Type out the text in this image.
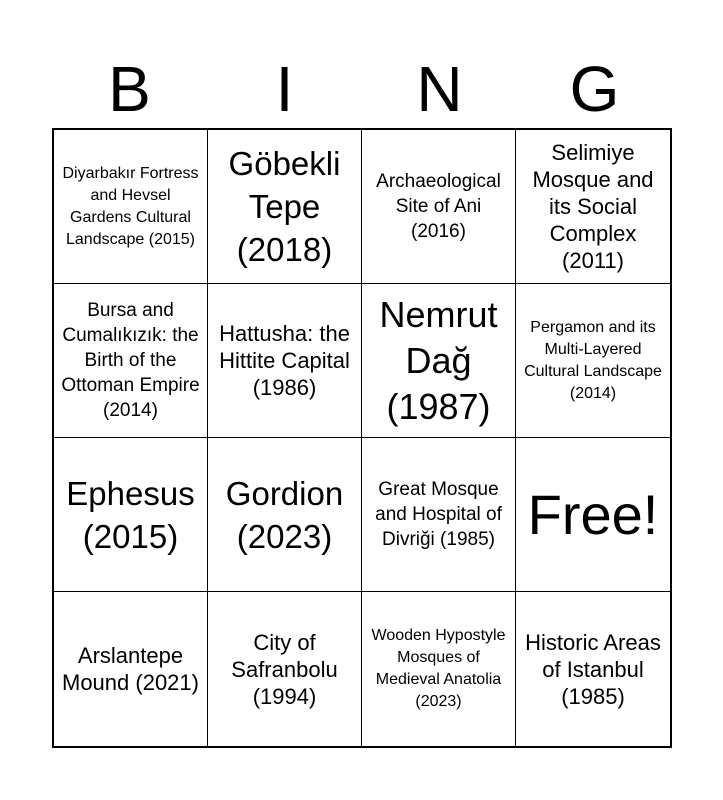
B	I	N	G
Diyarbakır Fortress and Hevsel Gardens Cultural Landscape (2015)
Göbekli Tepe (2018)
Archaeological Site of Ani (2016)
Selimiye Mosque and its Social Complex (2011)
Bursa and Cumalıkızık: the Birth of the Ottoman Empire (2014)
Hattusha: the Hittite Capital (1986)
Nemrut Dağ (1987)
Pergamon and its Multi-Layered Cultural Landscape (2014)
Ephesus (2015)
Gordion (2023)
Great Mosque and Hospital of Divriği (1985) Free!
Arslantepe Mound (2021)
City of Safranbolu (1994)
Wooden Hypostyle Mosques of Medieval Anatolia (2023)
Historic Areas of Istanbul (1985)
